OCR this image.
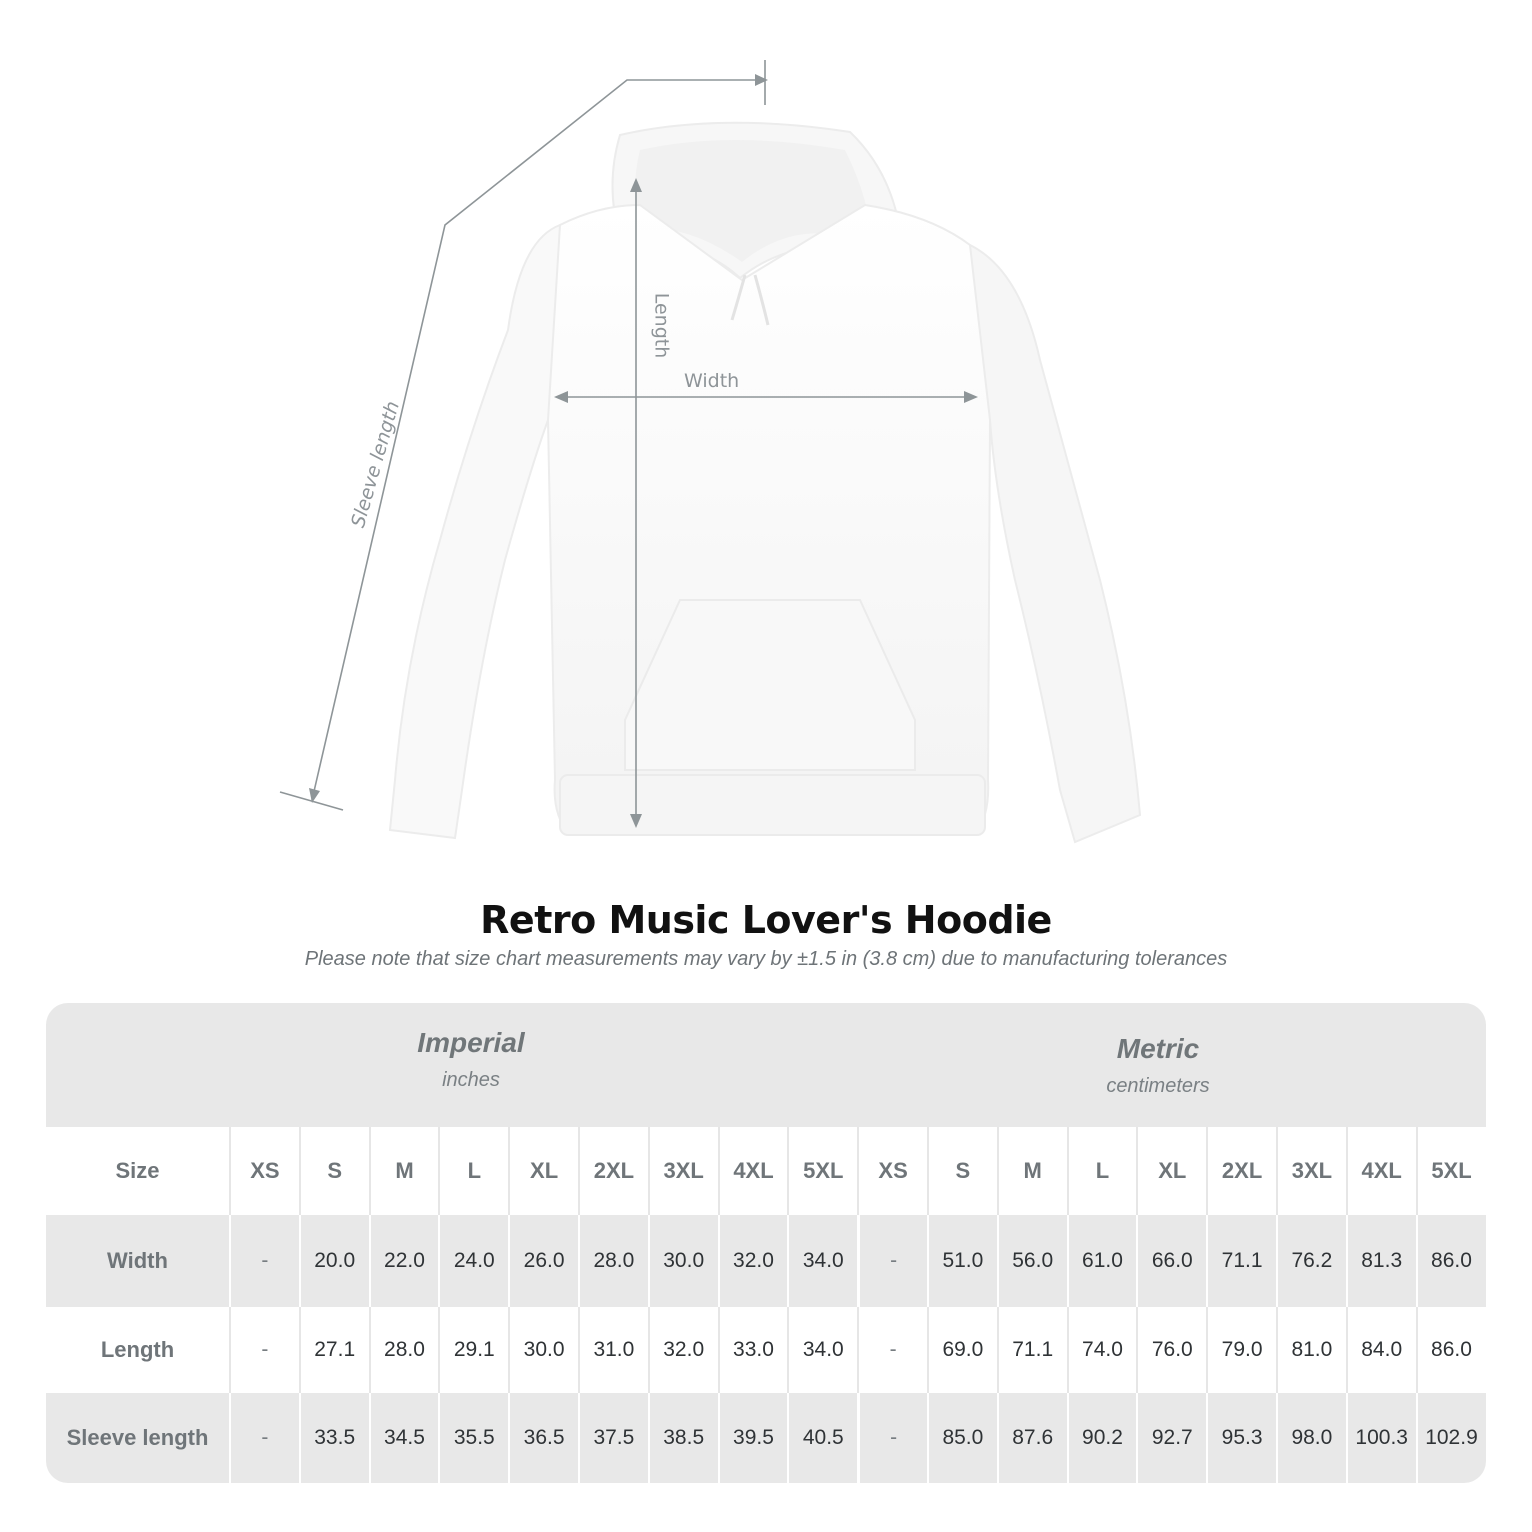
Width
Length
Sleeve length
Retro Music Lover's Hoodie
Please note that size chart measurements may vary by ±1.5 in (3.8 cm) due to manufacturing tolerances
Imperial
inches
Metric
centimeters
Size	XS	S	M	L	XL	2XL	3XL	4XL	5XL	XS	S	M	L	XL	2XL	3XL	4XL	5XL
Width	-	20.0	22.0	24.0	26.0	28.0	30.0	32.0	34.0	-	51.0	56.0	61.0	66.0	71.1	76.2	81.3	86.0
Length	-	27.1	28.0	29.1	30.0	31.0	32.0	33.0	34.0	-	69.0	71.1	74.0	76.0	79.0	81.0	84.0	86.0
Sleeve length	-	33.5	34.5	35.5	36.5	37.5	38.5	39.5	40.5	-	85.0	87.6	90.2	92.7	95.3	98.0	100.3 102.9
